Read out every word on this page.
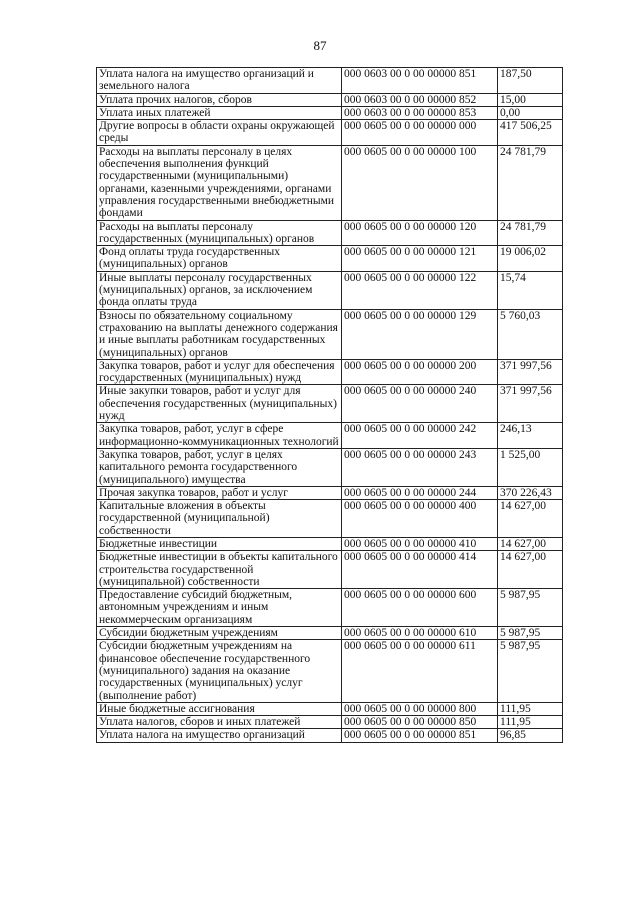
87
Уплата налога на имущество организаций и земельного налога	000 0603 00 0 00 00000 851	187,50
Уплата прочих налогов, сборов	000 0603 00 0 00 00000 852	15,00
Уплата иных платежей	000 0603 00 0 00 00000 853	0,00
Другие вопросы в области охраны окружающей среды	000 0605 00 0 00 00000 000	417 506,25
Расходы на выплаты персоналу в целях обеспечения выполнения функций государственными (муниципальными) органами, казенными учреждениями, органами управления государственными внебюджетными фондами	000 0605 00 0 00 00000 100	24 781,79
Расходы на выплаты персоналу государственных (муниципальных) органов	000 0605 00 0 00 00000 120	24 781,79
Фонд оплаты труда государственных (муниципальных) органов	000 0605 00 0 00 00000 121	19 006,02
Иные выплаты персоналу государственных (муниципальных) органов, за исключением фонда оплаты труда	000 0605 00 0 00 00000 122	15,74
Взносы по обязательному социальному страхованию на выплаты денежного содержания и иные выплаты работникам государственных (муниципальных) органов	000 0605 00 0 00 00000 129	5 760,03
Закупка товаров, работ и услуг для обеспечения государственных (муниципальных) нужд	000 0605 00 0 00 00000 200	371 997,56
Иные закупки товаров, работ и услуг для обеспечения государственных (муниципальных) нужд	000 0605 00 0 00 00000 240	371 997,56
Закупка товаров, работ, услуг в сфере информационно-коммуникационных технологий	000 0605 00 0 00 00000 242	246,13
Закупка товаров, работ, услуг в целях капитального ремонта государственного (муниципального) имущества	000 0605 00 0 00 00000 243	1 525,00
Прочая закупка товаров, работ и услуг	000 0605 00 0 00 00000 244	370 226,43
Капитальные вложения в объекты государственной (муниципальной) собственности	000 0605 00 0 00 00000 400	14 627,00
Бюджетные инвестиции	000 0605 00 0 00 00000 410	14 627,00
Бюджетные инвестиции в объекты капитального строительства государственной (муниципальной) собственности	000 0605 00 0 00 00000 414	14 627,00
Предоставление субсидий бюджетным, автономным учреждениям и иным некоммерческим организациям	000 0605 00 0 00 00000 600	5 987,95
Субсидии бюджетным учреждениям	000 0605 00 0 00 00000 610	5 987,95
Субсидии бюджетным учреждениям на финансовое обеспечение государственного (муниципального) задания на оказание государственных (муниципальных) услуг (выполнение работ)	000 0605 00 0 00 00000 611	5 987,95
Иные бюджетные ассигнования	000 0605 00 0 00 00000 800	111,95
Уплата налогов, сборов и иных платежей	000 0605 00 0 00 00000 850	111,95
Уплата налога на имущество организаций	000 0605 00 0 00 00000 851	96,85
